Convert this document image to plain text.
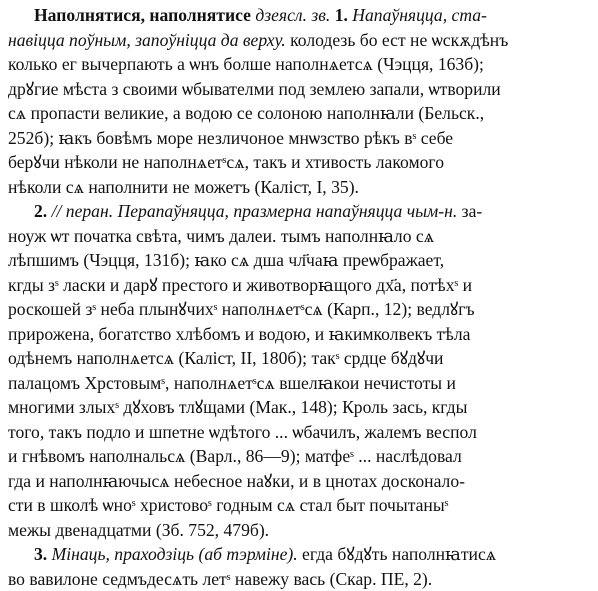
Наполнятися, наполнятисе дзеясл. зв. 1. Напаўняцца, ста-
навіцца поўным, запоўніцца да верху. колодезь бо ест не ѡскѫдѣнъ
колько ег вычерпають а ѡнъ болше наполнѧетсѧ (Чэцця, 163б);
дрꙋгие мѣста з своими ѡбывателми под землею запали, ѡтворили
сѧ пропасти великие, а водою се солоною наполнꙗли (Бельск.,
252б); ꙗкъ бовѣмъ море незличоное мнѡзство рѣкъ вˢ себе
берꙋчи нѣколи не наполнѧетˢсѧ, такъ и хтивость лакомого
нѣколи сѧ наполнити не можетъ (Каліст, I, 35).

2. // перан. Перапаўняцца, празмерна напаўняцца чым-н. за-
ноуж ѡт початка свѣта, чимъ далеи. тымъ наполнꙗло сѧ
лѣпшимъ (Чэцця, 131б); ꙗко сѧ дша чл҃чаꙗ преѡбражает,
кгды зˢ ласки и дарꙋ престого и животворꙗщого дх҃а, потѣхˢ и
роскошей зˢ неба плынꙋчихˢ наполнѧетˢсѧ (Карп., 12); ведлꙋгъ
прирожена, богатство хлѣбомъ и водою, и ꙗкимколвекъ тѣла
одѣнемъ наполнѧетсѧ (Каліст, II, 180б); такˢ срдце бꙋдꙋчи
палацомъ Хрстовымˢ, наполнѧетˢсѧ вшелꙗкои нечистоты и
многими злыхˢ дꙋховъ тлꙋщами (Мак., 148); Кроль зась, кгды
того, такъ подло и шпетне ѡдѣтого ... ѡбачилъ, жалемъ веспол
и гнѣвомъ наполнальсѧ (Варл., 86—9); матфеˢ ... наслѣдовал
гда и наполнꙗючысѧ небесное наꙋки, и в цнотах досконало-
сти в школѣ ѡноˢ христовоˢ годным сѧ стал быт почытаныˢ
межы двенадцатми (Зб. 752, 479б).

3. Мінаць, праходзіць (аб тэрміне). егда бꙋдꙋть наполнꙗтисѧ
во вавилоне седмъдесѧть летˢ навежу вась (Скар. ПЕ, 2).
